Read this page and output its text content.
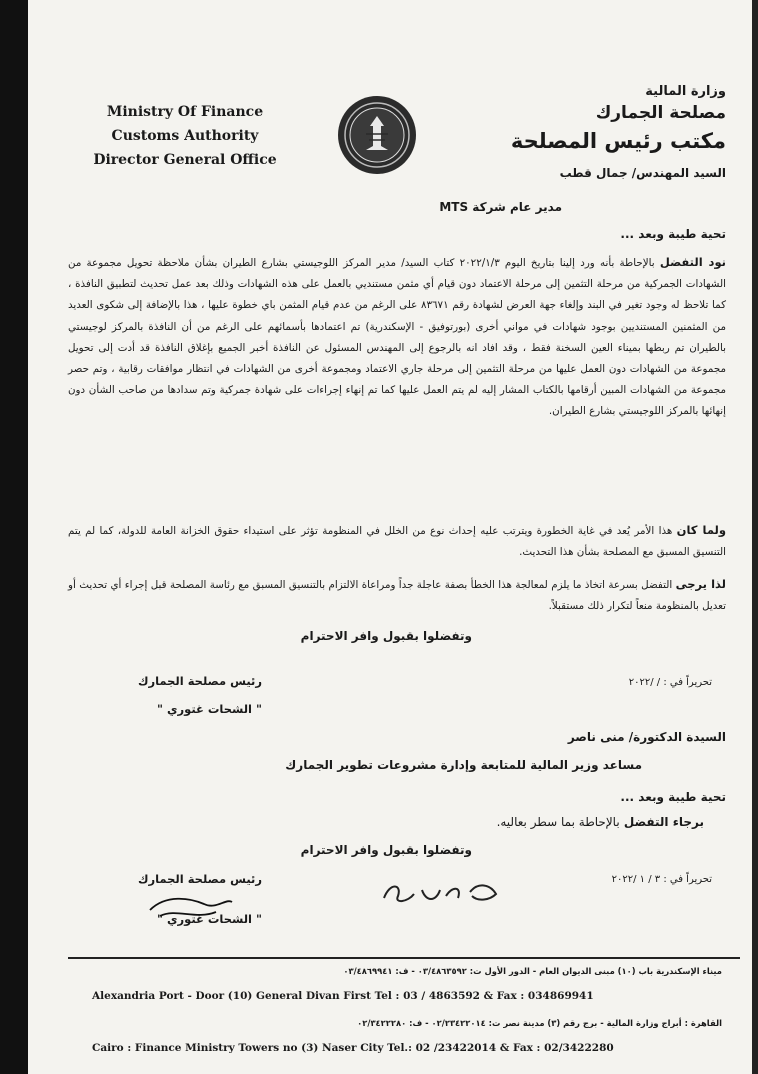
Ministry Of Finance
Customs Authority
Director General Office
وزارة المالية
مصلحة الجمارك
مكتب رئيس المصلحة
السيد المهندس/ جمال قطب
مدير عام شركة MTS
تحية طيبة وبعد ...
نود التفضل بالإحاطة بأنه ورد إلينا بتاريخ اليوم ٢٠٢٢/١/٣ كتاب السيد/ مدير المركز اللوجيستي بشارع الطيران بشأن ملاحظة تحويل مجموعة من الشهادات الجمركية من مرحلة التثمين إلى مرحلة الاعتماد دون قيام أي مثمن مستنديي بالعمل على هذه الشهادات وذلك بعد عمل تحديث لتطبيق النافذة ، كما تلاحظ له وجود تغير في البند وإلغاء جهة العرض لشهادة رقم ٨٣٦٧١ على الرغم من عدم قيام المثمن باي خطوة عليها ، هذا بالإضافة إلى شكوى العديد من المثمنين المستنديين بوجود شهادات في مواني أخرى (بورتوفيق - الإسكندرية) تم اعتمادها بأسمائهم على الرغم من أن النافذة بالمركز لوجيستي بالطيران تم ربطها بميناء العين السخنة فقط ، وقد افاد انه بالرجوع إلى المهندس المسئول عن النافذة أخبر الجميع بإغلاق النافذة قد أدت إلى تحويل مجموعة من الشهادات دون العمل عليها من مرحلة التثمين إلى مرحلة جاري الاعتماد ومجموعة أخرى من الشهادات في انتظار موافقات رقابية ، وتم حصر مجموعة من الشهادات المبين أرقامها بالكتاب المشار إليه لم يتم العمل عليها كما تم إنهاء إجراءات على شهادة جمركية وتم سدادها من صاحب الشأن دون إنهائها بالمركز اللوجيستي بشارع الطيران.
ولما كان هذا الأمر يُعد في غاية الخطورة ويترتب عليه إحداث نوع من الخلل في المنظومة تؤثر على استيداء حقوق الخزانة العامة للدولة، كما لم يتم التنسيق المسبق مع المصلحة بشأن هذا التحديث.
لذا يرجى التفضل بسرعة اتخاذ ما يلزم لمعالجة هذا الخطأ بصفة عاجلة جداً ومراعاة الالتزام بالتنسيق المسبق مع رئاسة المصلحة قبل إجراء أي تحديث أو تعديل بالمنظومة منعاً لتكرار ذلك مستقبلاً.
وتفضلوا بقبول وافر الاحترام
رئيس مصلحة الجمارك
" الشحات غتوري "
تحريراً في : / /٢٠٢٢
السيدة الدكتورة/ منى ناصر
مساعد وزير المالية للمتابعة وإدارة مشروعات تطوير الجمارك
تحية طيبة وبعد ...
برجاء التفضل بالإحاطة بما سطر بعاليه.
وتفضلوا بقبول وافر الاحترام
تحريراً في : ٣ / ١ /٢٠٢٢
رئيس مصلحة الجمارك
" الشحات غتوري "
ميناء الإسكندرية باب (١٠) مبنى الديوان العام - الدور الأول ت: ٠٣/٤٨٦٣٥٩٢ - ف: ٠٣/٤٨٦٩٩٤١
Alexandria Port - Door (10) General Divan First Tel : 03 / 4863592 & Fax : 034869941
القاهرة : أبراج وزارة المالية - برج رقم (٣) مدينة نصر ت: ٠٢/٢٣٤٢٢٠١٤ - ف: ٠٢/٣٤٢٢٢٨٠
Cairo : Finance Ministry Towers no (3) Naser City Tel.: 02 /23422014 & Fax : 02/3422280
